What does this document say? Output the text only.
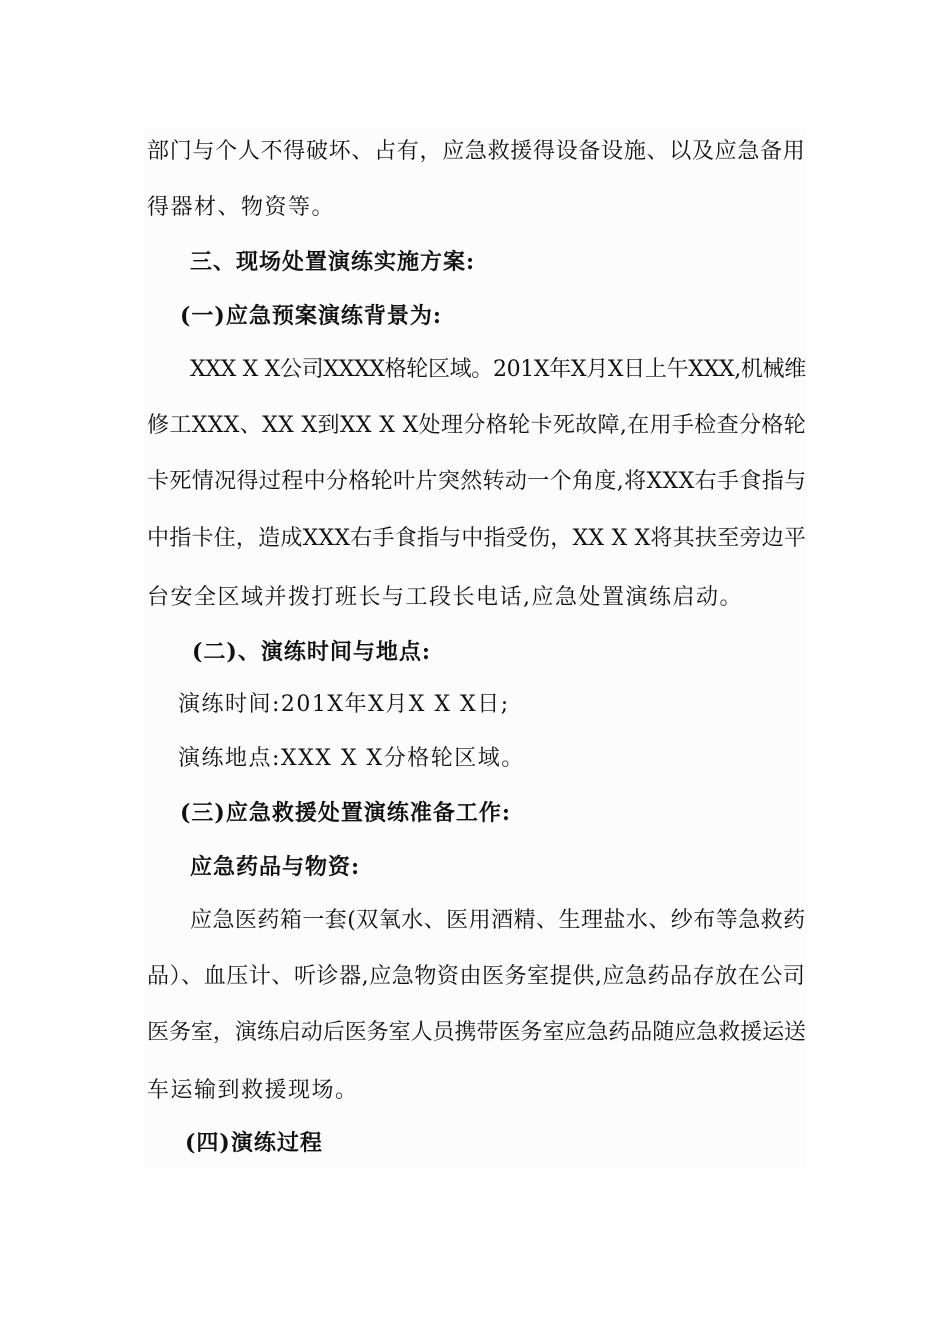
部门与个人不得破坏、占有，应急救援得设备设施、以及应急备用
得器材、物资等。
三、现场处置演练实施方案:
(一)应急预案演练背景为:
XXX X X公司XXXX格轮区域。201X年X月X日上午XXX,机械维
修工XXX、XX X到XX X X处理分格轮卡死故障,在用手检查分格轮
卡死情况得过程中分格轮叶片突然转动一个角度,将XXX右手食指与
中指卡住，造成XXX右手食指与中指受伤，XX X X将其扶至旁边平
台安全区域并拨打班长与工段长电话,应急处置演练启动。
(二)、演练时间与地点:
演练时间:201X年X月X X X日;
演练地点:XXX X X分格轮区域。
(三)应急救援处置演练准备工作:
应急药品与物资:
应急医药箱一套(双氧水、医用酒精、生理盐水、纱布等急救药
品）、血压计、听诊器,应急物资由医务室提供,应急药品存放在公司
医务室，演练启动后医务室人员携带医务室应急药品随应急救援运送
车运输到救援现场。
(四)演练过程
